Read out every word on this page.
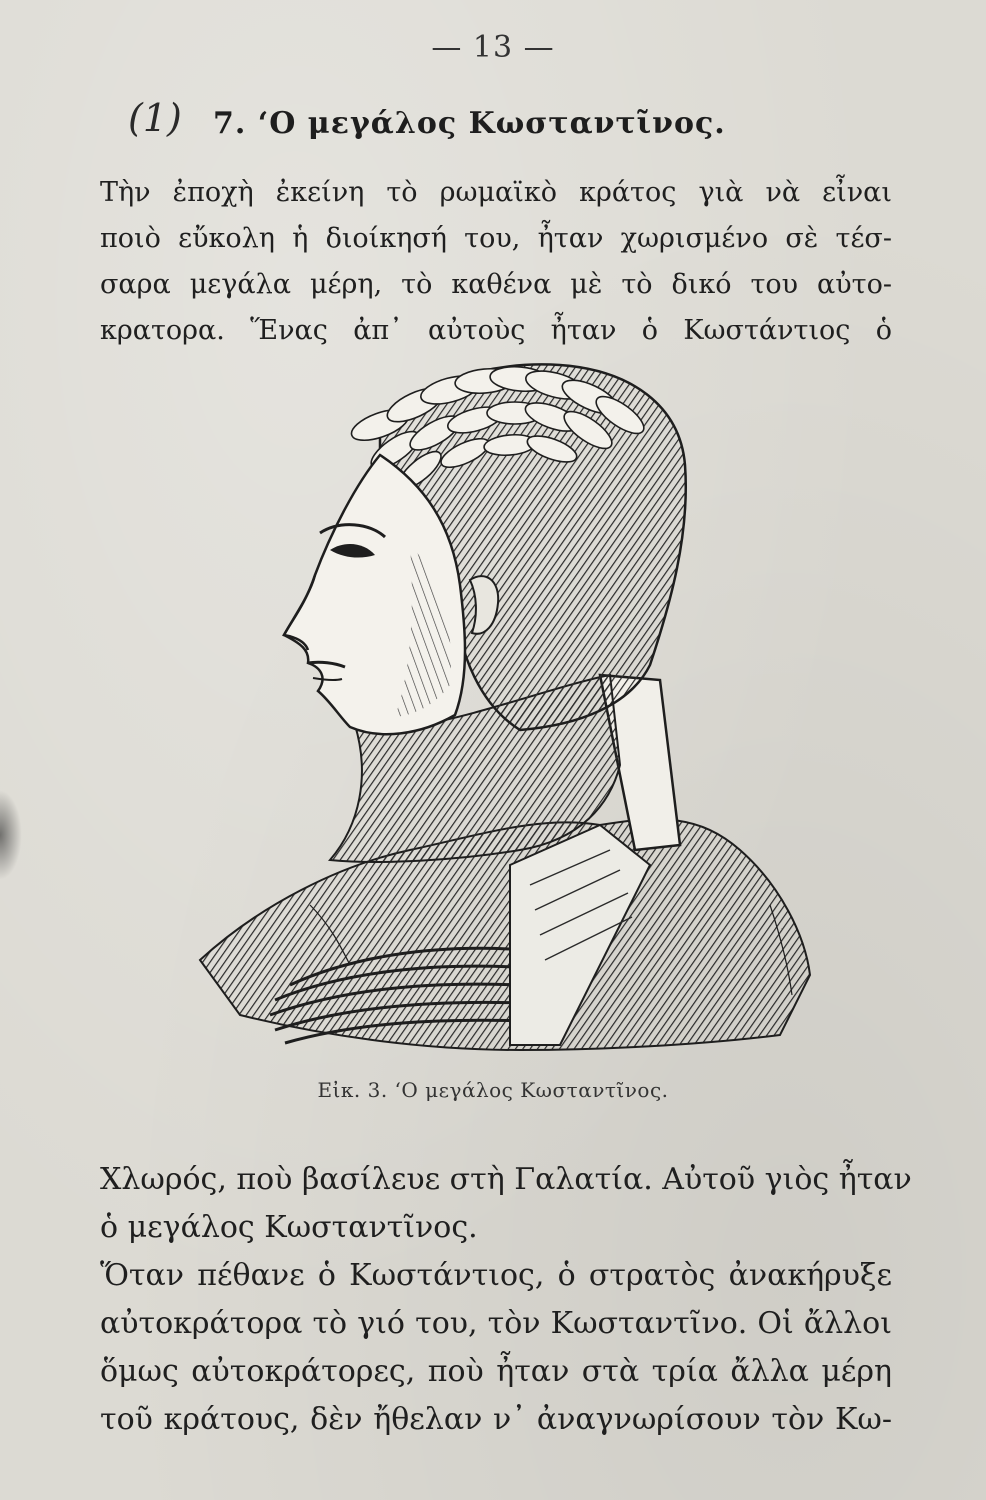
— 13 —
(1) 7. ‘Ο μεγάλος Κωσταντῖνος.
Τὴν ἐποχὴ ἐκείνη τὸ ρωμαϊκὸ κράτος γιὰ νὰ εἶναι
ποιὸ εὔκολη ἡ διοίκησή του, ἦταν χωρισμένο σὲ τέσ-
σαρα μεγάλα μέρη, τὸ καθένα μὲ τὸ δικό του αὐτο-
κρατορα. Ἕνας ἀπ᾽ αὐτοὺς ἦταν ὁ Κωστάντιος ὁ
Εἰκ. 3. ‘Ο μεγάλος Κωσταντῖνος.
Χλωρός, ποὺ βασίλευε στὴ Γαλατία. Αὐτοῦ γιὸς ἦταν
ὁ μεγάλος Κωσταντῖνος.
Ὅταν πέθανε ὁ Κωστάντιος, ὁ στρατὸς ἀνακήρυξε
αὐτοκράτορα τὸ γιό του, τὸν Κωσταντῖνο. Οἱ ἄλλοι
ὅμως αὐτοκράτορες, ποὺ ἦταν στὰ τρία ἄλλα μέρη
τοῦ κράτους, δὲν ἤθελαν ν᾽ ἀναγνωρίσουν τὸν Κω-
